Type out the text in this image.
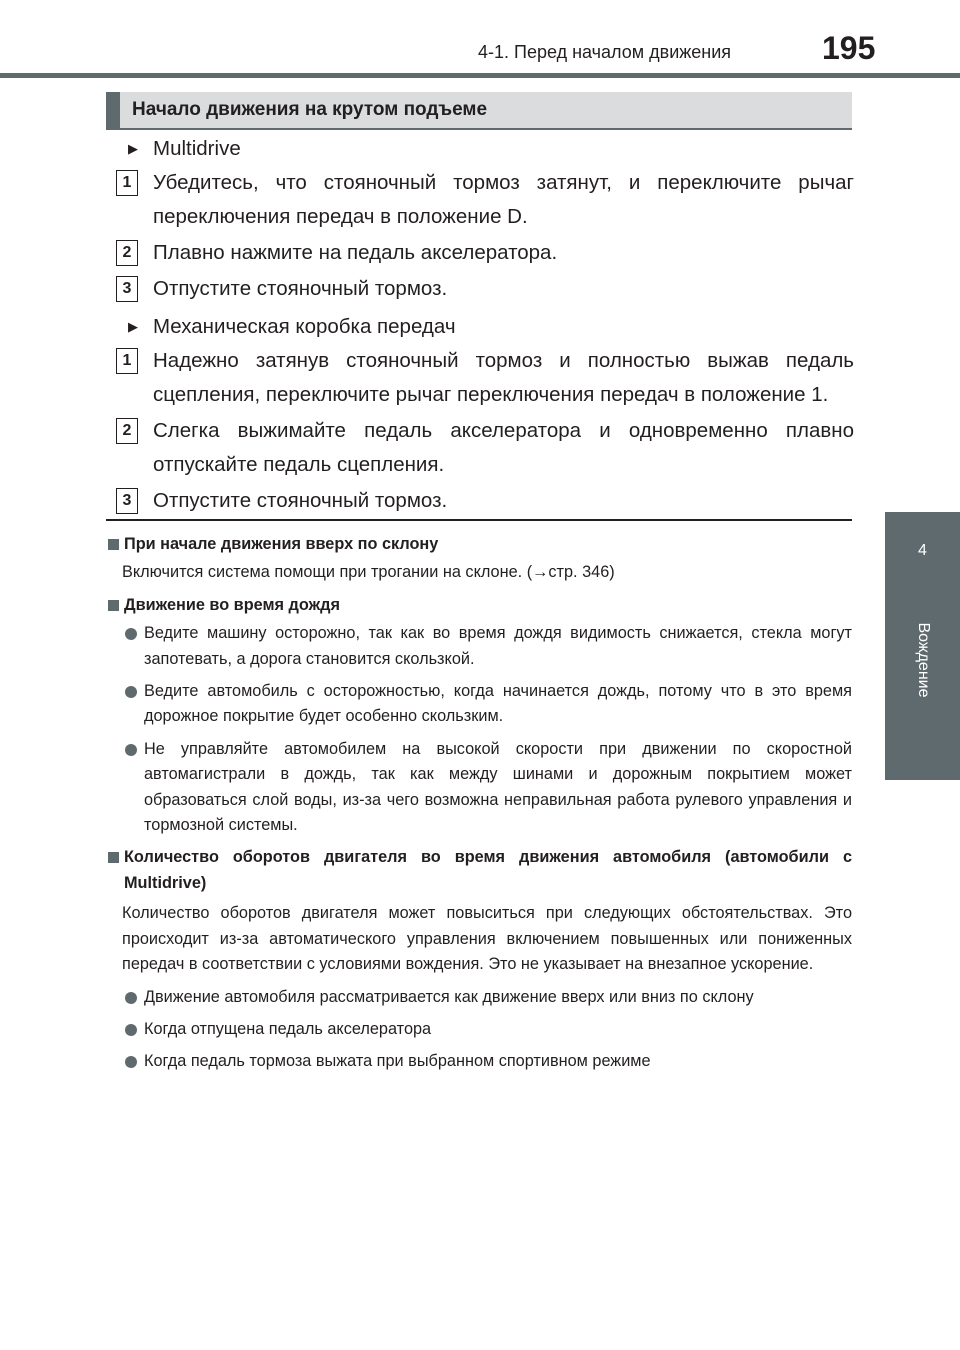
4-1. Перед началом движения	195
4
Вождение
Начало движения на крутом подъеме
▶ Multidrive
1	Убедитесь, что стояночный тормоз затянут, и переключите рычаг переключения передач в положение D.
2	Плавно нажмите на педаль акселератора.
3	Отпустите стояночный тормоз.
▶ Механическая коробка передач
1	Надежно затянув стояночный тормоз и полностью выжав педаль сцепления, переключите рычаг переключения передач в положение 1.
2	Слегка выжимайте педаль акселератора и одновременно плавно отпускайте педаль сцепления.
3	Отпустите стояночный тормоз.
При начале движения вверх по склону
Включится система помощи при трогании на склоне. (→стр. 346)
Движение во время дождя
Ведите машину осторожно, так как во время дождя видимость снижается, стекла могут запотевать, а дорога становится скользкой.
Ведите автомобиль с осторожностью, когда начинается дождь, потому что в это время дорожное покрытие будет особенно скользким.
Не управляйте автомобилем на высокой скорости при движении по скоростной автомагистрали в дождь, так как между шинами и дорожным покрытием может образоваться слой воды, из-за чего возможна неправильная работа рулевого управления и тормозной системы.
Количество оборотов двигателя во время движения автомобиля (автомобили с Multidrive)
Количество оборотов двигателя может повыситься при следующих обстоятельствах. Это происходит из-за автоматического управления включением повышенных или пониженных передач в соответствии с условиями вождения. Это не указывает на внезапное ускорение.
Движение автомобиля рассматривается как движение вверх или вниз по склону
Когда отпущена педаль акселератора
Когда педаль тормоза выжата при выбранном спортивном режиме
